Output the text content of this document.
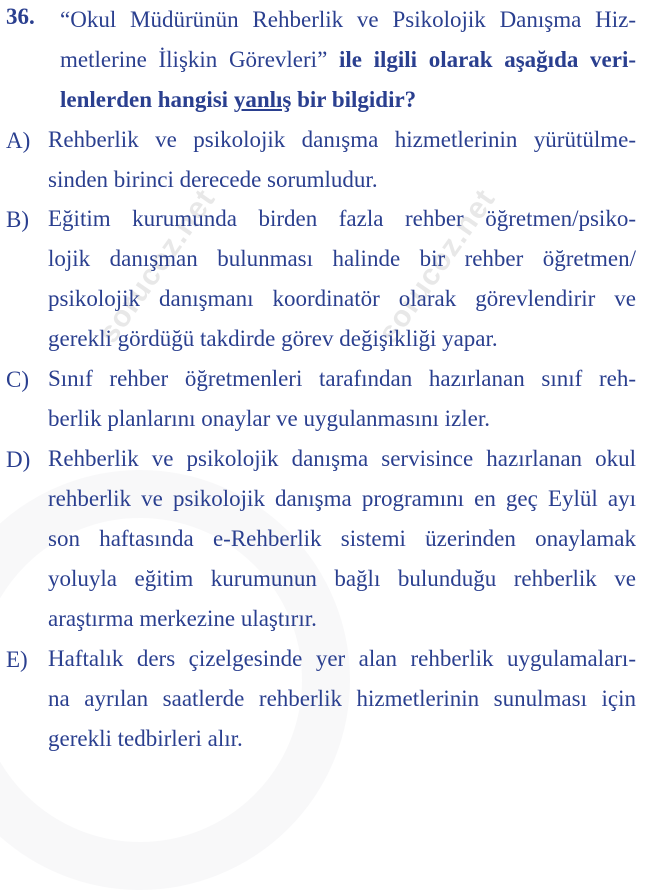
sorucoz.net	sorucoz.net
36. “Okul Müdürünün Rehberlik ve Psikolojik Danışma Hiz-
metlerine İlişkin Görevleri” ile ilgili olarak aşağıda veri-
lenlerden hangisi yanlış bir bilgidir?
A) Rehberlik ve psikolojik danışma hizmetlerinin yürütülme-
sinden birinci derecede sorumludur.
B) Eğitim kurumunda birden fazla rehber öğretmen/psiko-
lojik danışman bulunması halinde bir rehber öğretmen/
psikolojik danışmanı koordinatör olarak görevlendirir ve
gerekli gördüğü takdirde görev değişikliği yapar.
C) Sınıf rehber öğretmenleri tarafından hazırlanan sınıf reh-
berlik planlarını onaylar ve uygulanmasını izler.
D) Rehberlik ve psikolojik danışma servisince hazırlanan okul
rehberlik ve psikolojik danışma programını en geç Eylül ayı
son haftasında e-Rehberlik sistemi üzerinden onaylamak
yoluyla eğitim kurumunun bağlı bulunduğu rehberlik ve
araştırma merkezine ulaştırır.
E) Haftalık ders çizelgesinde yer alan rehberlik uygulamaları-
na ayrılan saatlerde rehberlik hizmetlerinin sunulması için
gerekli tedbirleri alır.
